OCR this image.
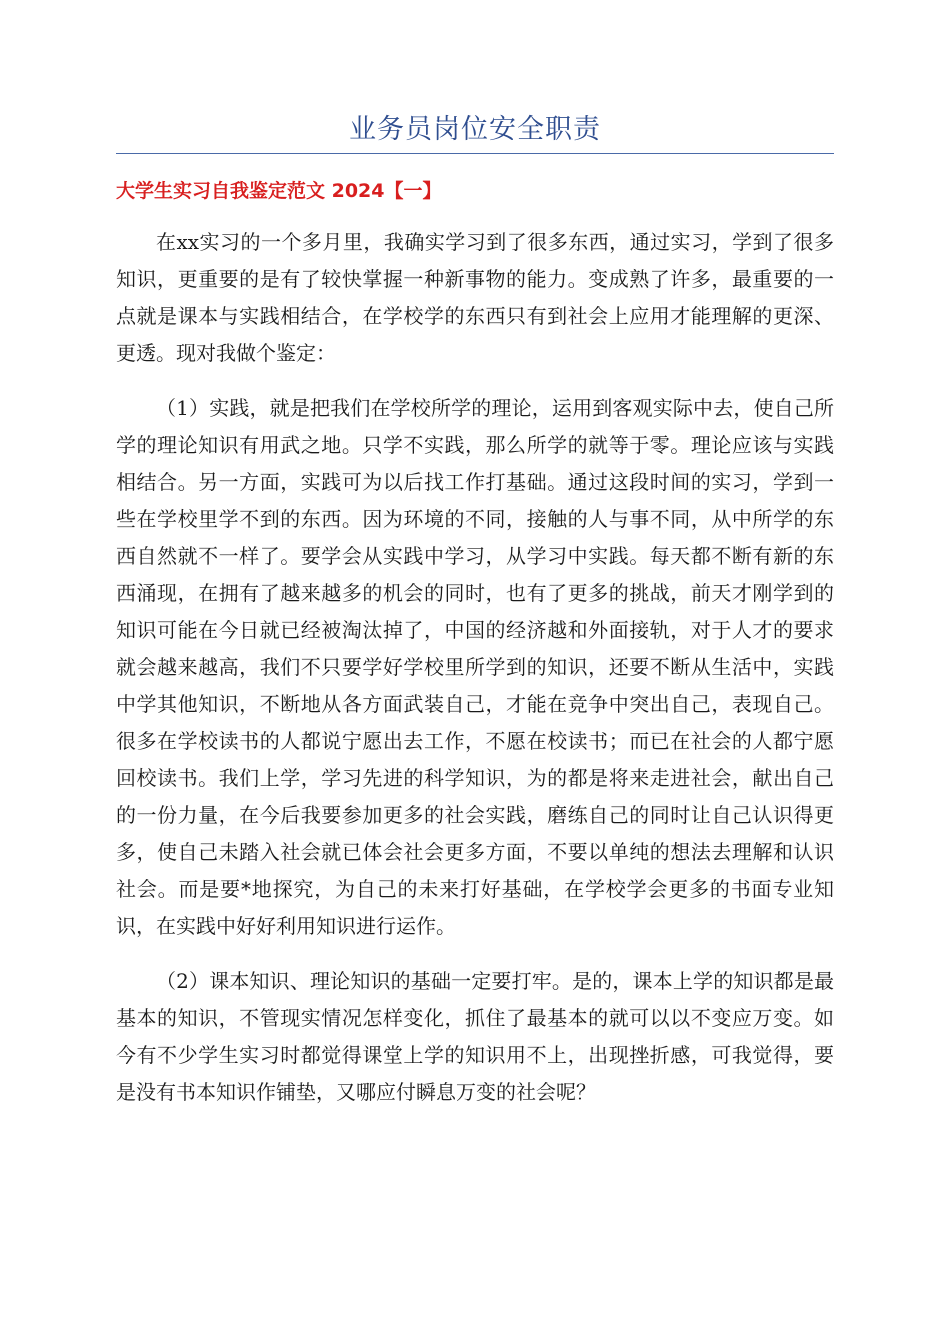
业务员岗位安全职责
大学生实习自我鉴定范文 2024【一】

在xx实习的一个多月里，我确实学习到了很多东西，通过实习，学到了很多知识，更重要的是有了较快掌握一种新事物的能力。变成熟了许多，最重要的一点就是课本与实践相结合，在学校学的东西只有到社会上应用才能理解的更深、更透。现对我做个鉴定：

（1）实践，就是把我们在学校所学的理论，运用到客观实际中去，使自己所学的理论知识有用武之地。只学不实践，那么所学的就等于零。理论应该与实践相结合。另一方面，实践可为以后找工作打基础。通过这段时间的实习，学到一些在学校里学不到的东西。因为环境的不同，接触的人与事不同，从中所学的东西自然就不一样了。要学会从实践中学习，从学习中实践。每天都不断有新的东西涌现，在拥有了越来越多的机会的同时，也有了更多的挑战，前天才刚学到的知识可能在今日就已经被淘汰掉了，中国的经济越和外面接轨，对于人才的要求就会越来越高，我们不只要学好学校里所学到的知识，还要不断从生活中，实践中学其他知识，不断地从各方面武装自己，才能在竞争中突出自己，表现自己。很多在学校读书的人都说宁愿出去工作，不愿在校读书；而已在社会的人都宁愿回校读书。我们上学，学习先进的科学知识，为的都是将来走进社会，献出自己的一份力量，在今后我要参加更多的社会实践，磨练自己的同时让自己认识得更多，使自己未踏入社会就已体会社会更多方面，不要以单纯的想法去理解和认识社会。而是要*地探究，为自己的未来打好基础，在学校学会更多的书面专业知识，在实践中好好利用知识进行运作。

（2）课本知识、理论知识的基础一定要打牢。是的，课本上学的知识都是最基本的知识，不管现实情况怎样变化，抓住了最基本的就可以以不变应万变。如今有不少学生实习时都觉得课堂上学的知识用不上，出现挫折感，可我觉得，要是没有书本知识作铺垫，又哪应付瞬息万变的社会呢？
